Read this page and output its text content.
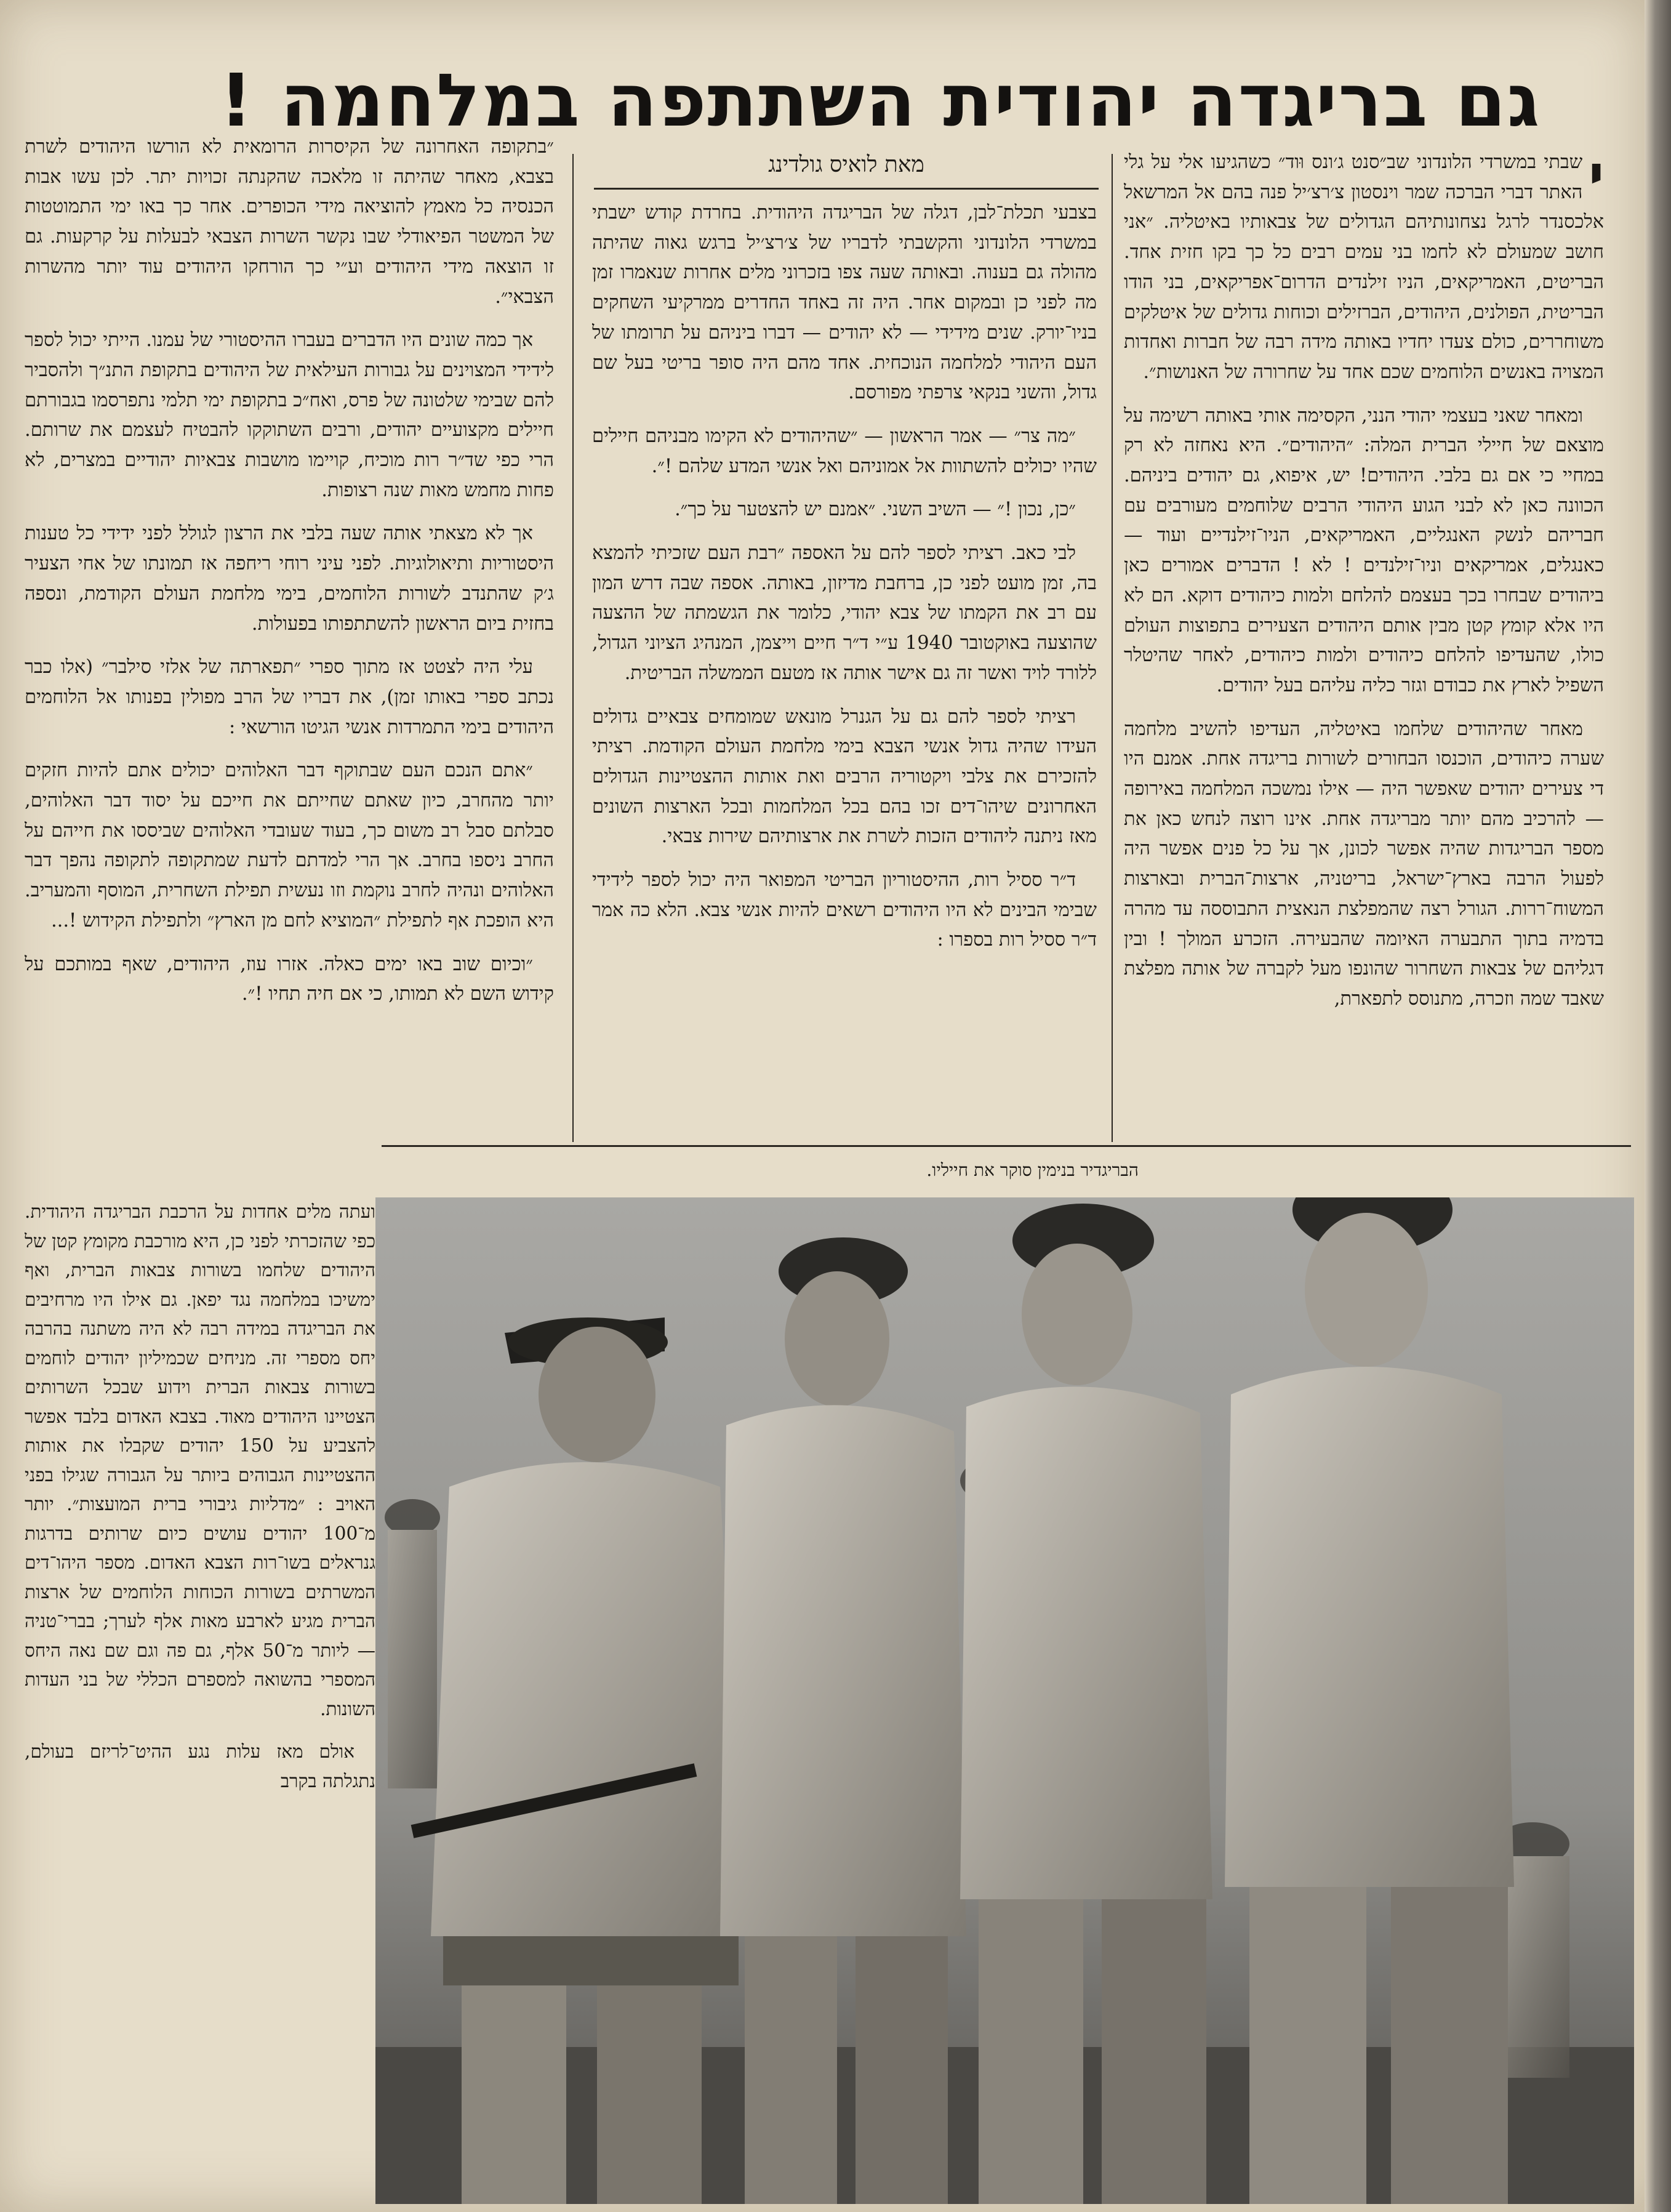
גם בריגדה יהודית השתתפה במלחמה !
מאת לואיס גולדינג	י

שבתי במשרדי הלונדוני שב״סנט ג׳ונס וּוד״ כשהגיעו אלי על גלי האתר דברי הברכה שמר וינסטון צ׳רצ׳יל פנה בהם אל המרשאל אלכסנדר לרגל נצחונותיהם הגדולים של צבאותיו באיטליה. ״אני חושב שמעולם לא לחמו בני עמים רבים כל כך בקו חזית אחד. הבריטים, האמריקאים, הניו זילנדים הדרום־אפריקאים, בני הודו הבריטית, הפולנים, היהודים, הברזילים וכוחות גדולים של איטלקים משוחררים, כולם צעדו יחדיו באותה מידה רבה של חברות ואחדות המצויה באנשים הלוחמים שכם אחד על שחרורה של האנושות״.

ומאחר שאני בעצמי יהודי הנני, הקסימה אותי באותה רשימה על מוצאם של חיילי הברית המלה: ״היהודים״. היא נאחזה לא רק במחיי כי אם גם בלבי. היהודים! יש, איפוא, גם יהודים ביניהם. הכוונה כאן לא לבני הגוע היהודי הרבים שלוחמים מעורבים עם חבריהם לנשק האנגליים, האמריקאים, הניו־זילנדיים ועוד — כאנגלים, אמריקאים וניו־זילנדים ! לא ! הדברים אמורים כאן ביהודים שבחרו בכך בעצמם להלחם ולמות כיהודים דוקא. הם לא היו אלא קומץ קטן מבין אותם היהודים הצעירים בתפוצות העולם כולו, שהעדיפו להלחם כיהודים ולמות כיהודים, לאחר שהיטלר השפיל לארץ את כבודם וגזר כליה עליהם בעל יהודים.

מאחר שהיהודים שלחמו באיטליה, העדיפו להשיב מלחמה שערה כיהודים, הוכנסו הבחורים לשורות בריגדה אחת. אמנם היו די צעירים יהודים שאפשר היה — אילו נמשכה המלחמה באירופה — להרכיב מהם יותר מבריגדה אחת. אינו רוצה לנחש כאן את מספר הבריגדות שהיה אפשר לכונן, אך על כל פנים אפשר היה לפעול הרבה בארץ־ישראל, בריטניה, ארצות־הברית ובארצות המשוח־ררות. הגורל רצה שהמפלצת הנאצית התבוססה עד מהרה בדמיה בתוך התבערה האיומה שהבעירה. הזכרע המולך ! ובין דגליהם של צבאות השחרור שהונפו מעל לקברה של אותה מפלצת שאבד שמה וזכרה, מתנוסס לתפארת,

בצבעי תכלת־לבן, דגלה של הבריגדה היהודית. בחרדת קודש ישבתי במשרדי הלונדוני והקשבתי לדבריו של צ׳רצ׳יל ברגש גאוה שהיתה מהולה גם בענוה. ובאותה שעה צפו בזכרוני מלים אחרות שנאמרו זמן מה לפני כן ובמקום אחר. היה זה באחד החדרים ממרקיעי השחקים בניו־יורק. שנים מידידי — לא יהודים — דברו ביניהם על תרומתו של העם היהודי למלחמה הנוכחית. אחד מהם היה סופר בריטי בעל שם גדול, והשני בנקאי צרפתי מפורסם.

״מה צר״ — אמר הראשון — ״שהיהודים לא הקימו מבניהם חיילים שהיו יכולים להשתוות אל אמוניהם ואל אנשי המדע שלהם !״.

״כן, נכון !״ — השיב השני. ״אמנם יש להצטער על כך״.

לבי כאב. רציתי לספר להם על האספה ״רבת העם שזכיתי להמצא בה, זמן מועט לפני כן, ברחבת מדיזון, באותה. אספה שבה דרש המון עם רב את הקמתו של צבא יהודי, כלומר את הגשמתה של ההצעה שהוצעה באוקטובר 1940 ע״י ד״ר חיים וייצמן, המנהיג הציוני הגדול, ללורד לויד ואשר זה גם אישר אותה אז מטעם הממשלה הבריטית.

רציתי לספר להם גם על הגנרל מונאש שמומחים צבאיים גדולים העידו שהיה גדול אנשי הצבא בימי מלחמת העולם הקודמת. רציתי להזכירם את צלבי ויקטוריה הרבים ואת אותות ההצטיינות הגדולים האחרונים שיהו־דים זכו בהם בכל המלחמות ובכל הארצות השונים מאז ניתנה ליהודים הזכות לשרת את ארצותיהם שירות צבאי.

ד״ר ססיל רות, ההיסטוריון הבריטי המפואר היה יכול לספר לידידי שבימי הבינים לא היו היהודים רשאים להיות אנשי צבא. הלא כה אמר ד״ר ססיל רות בספרו :

״בתקופה האחרונה של הקיסרות הרומאית לא הורשו היהודים לשרת בצבא, מאחר שהיתה זו מלאכה שהקנתה זכויות יתר. לכן עשו אבות הכנסיה כל מאמץ להוציאה מידי הכופרים. אחר כך באו ימי התמוטטות של המשטר הפיאודלי שבו נקשר השרות הצבאי לבעלות על קרקעות. גם זו הוצאה מידי היהודים וע״י כך הורחקו היהודים עוד יותר מהשרות הצבאי״.

אך כמה שונים היו הדברים בעברו ההיסטורי של עמנו. הייתי יכול לספר לידידי המצוינים על גבורות העילאית של היהודים בתקופת התנ״ך ולהסביר להם שבימי שלטונה של פרס, ואח״כ בתקופת ימי תלמי נתפרסמו בגבורתם חיילים מקצועיים יהודים, ורבים השתוקקו להבטיח לעצמם את שרותם. הרי כפי שד״ר רות מוכיח, קויימו מושבות צבאיות יהודיים במצרים, לא פחות מחמש מאות שנה רצופות.

אך לא מצאתי אותה שעה בלבי את הרצון לגולל לפני ידידי כל טענות היסטוריות ותיאולוגיות. לפני עיני רוחי ריחפה אז תמונתו של אחי הצעיר ג׳ק שהתנדב לשורות הלוחמים, בימי מלחמת העולם הקודמת, ונספה בחזית ביום הראשון להשתתפותו בפעולות.

עלי היה לצטט אז מתוך ספרי ״תפארתה של אלזי סילבר״ (אלו כבר נכתב ספרי באותו זמן), את דבריו של הרב מפולין בפנותו אל הלוחמים היהודים בימי התמרדות אנשי הגיטו הורשאי :

״אתם הנכם העם שבתוקף דבר האלוהים יכולים אתם להיות חזקים יותר מהחרב, כיון שאתם שחייתם את חייכם על יסוד דבר האלוהים, סבלתם סבל רב משום כך, בעוד שעובדי האלוהים שביססו את חייהם על החרב ניספו בחרב. אך הרי למדתם לדעת שמתקופה לתקופה נהפך דבר האלוהים ונהיה לחרב נוקמת וזו נעשית תפילת השחרית, המוסף והמעריב. היא הופכת אף לתפילת ״המוציא לחם מן הארץ״ ולתפילת הקידוש !...

״וכיום שוב באו ימים כאלה. אזרו עוז, היהודים, שאף במותכם על קידוש השם לא תמותו, כי אם חיה תחיו !״.

הבריגדיר בנימין סוקר את חייליו.

ועתה מלים אחדות על הרכבת הבריגדה היהודית. כפי שהזכרתי לפני כן, היא מורכבת מקומץ קטן של היהודים שלחמו בשורות צבאות הברית, ואף ימשיכו במלחמה נגד יפאן. גם אילו היו מרחיבים את הבריגדה במידה רבה לא היה משתנה בהרבה יחס מספרי זה. מניחים שכמיליון יהודים לוחמים בשורות צבאות הברית וידוע שבכל השרותים הצטיינו היהודים מאוד. בצבא האדום בלבד אפשר להצביע על 150 יהודים שקבלו את אותות ההצטיינות הגבוהים ביותר על הגבורה שגילו בפני האויב : ״מדליות גיבורי ברית המועצות״. יותר מ־100 יהודים עושים כיום שרותים בדרגות גנראלים בשו־רות הצבא האדום. מספר היהו־דים המשרתים בשורות הכוחות הלוחמים של ארצות הברית מגיע לארבע מאות אלף לערך; בברי־טניה — ליותר מ־50 אלף, גם פה וגם שם נאה היחס המספרי בהשואה למספרם הכללי של בני העדות השונות.

אולם מאז עלות נגע ההיט־לריזם בעולם, נתגלתה בקרב
